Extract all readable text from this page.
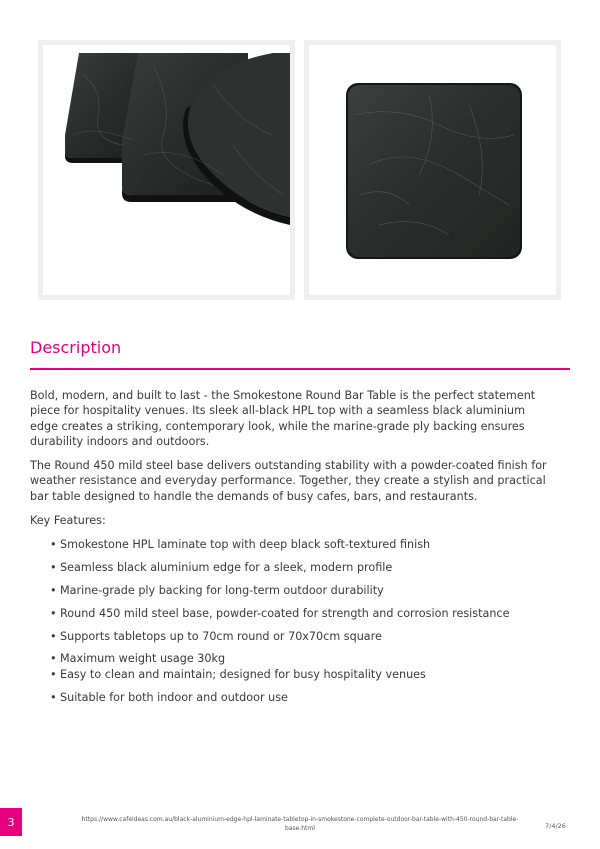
Description

Bold, modern, and built to last - the Smokestone Round Bar Table is the perfect statement piece for hospitality venues. Its sleek all-black HPL top with a seamless black aluminium edge creates a striking, contemporary look, while the marine-grade ply backing ensures durability indoors and outdoors.

The Round 450 mild steel base delivers outstanding stability with a powder-coated finish for weather resistance and everyday performance. Together, they create a stylish and practical bar table designed to handle the demands of busy cafes, bars, and restaurants.

Key Features:

• Smokestone HPL laminate top with deep black soft-textured finish
• Seamless black aluminium edge for a sleek, modern profile
• Marine-grade ply backing for long-term outdoor durability
• Round 450 mild steel base, powder-coated for strength and corrosion resistance
• Supports tabletops up to 70cm round or 70x70cm square
• Maximum weight usage 30kg
• Easy to clean and maintain; designed for busy hospitality venues
• Suitable for both indoor and outdoor use
3	https://www.cafeideas.com.au/black-aluminium-edge-hpl-laminate-tabletop-in-smokestone-complete-outdoor-bar-table-with-450-round-bar-table-base.html	7/4/26
